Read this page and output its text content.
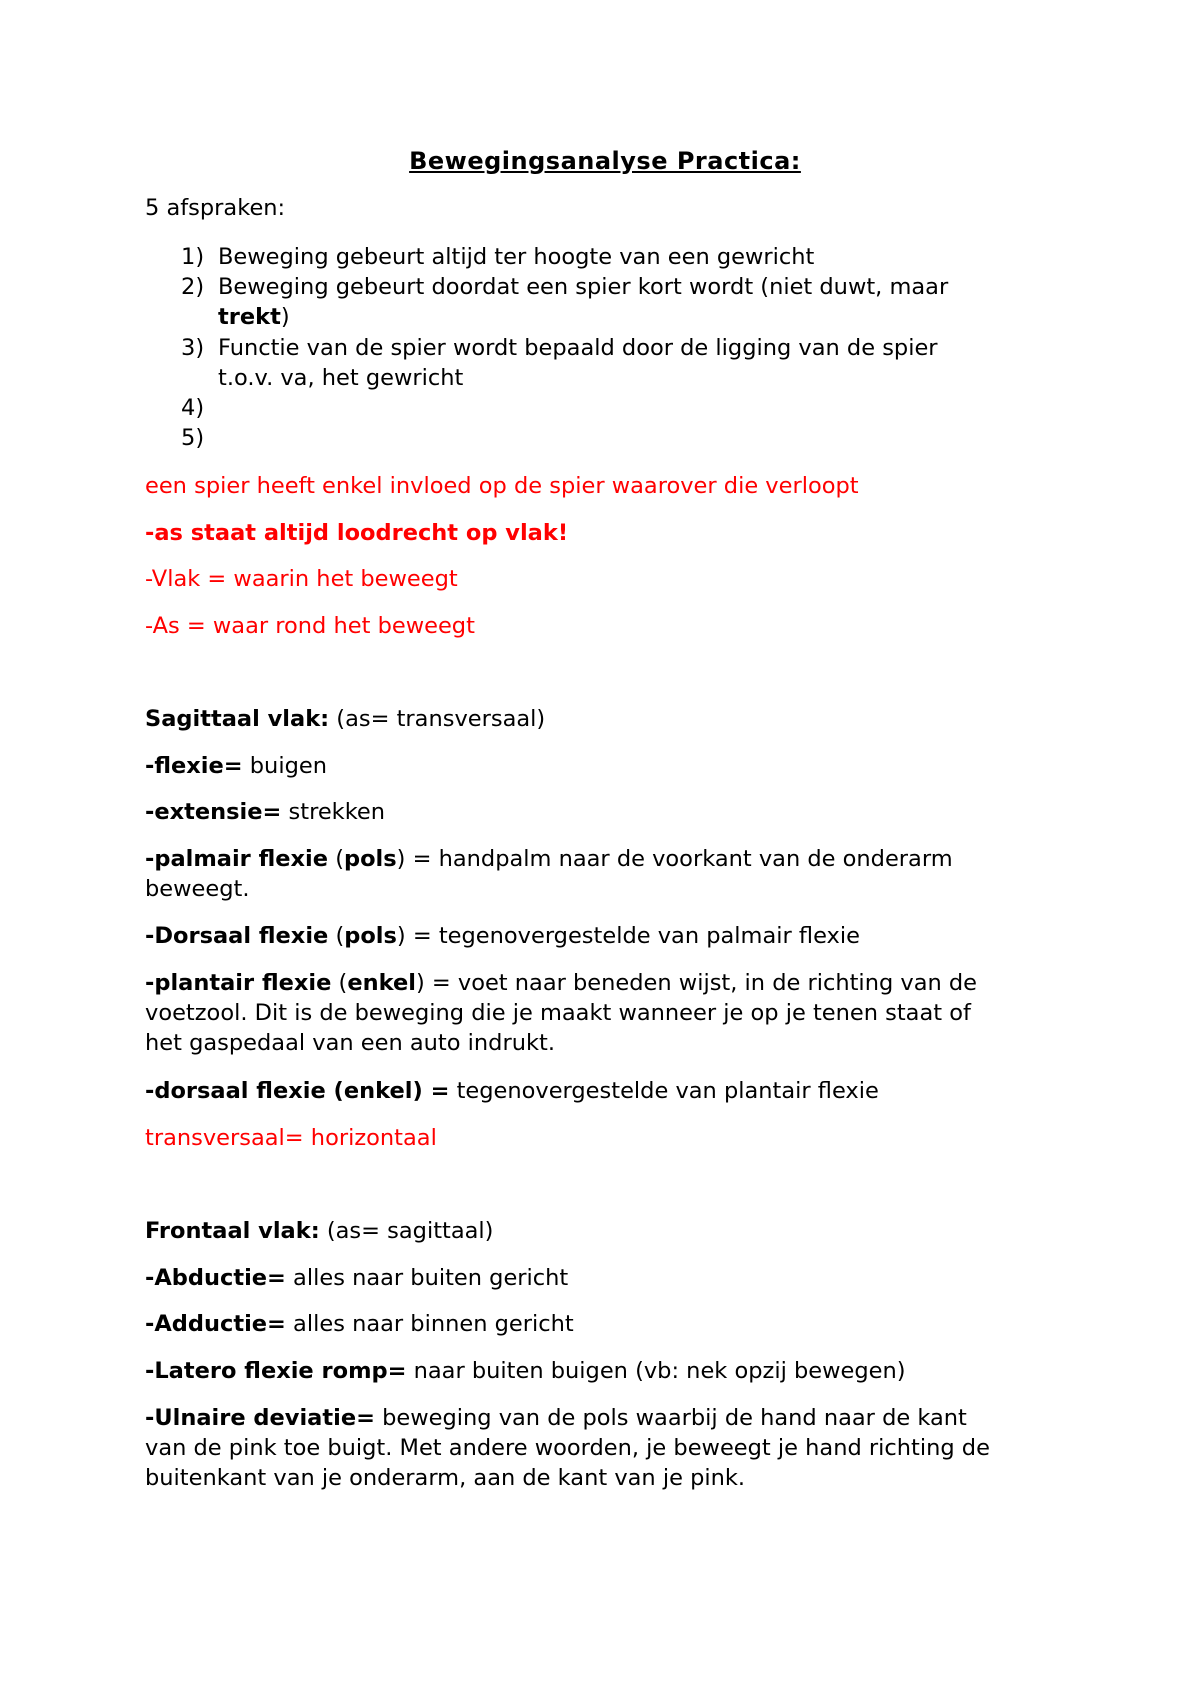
Bewegingsanalyse Practica:
5 afspraken:
1) Beweging gebeurt altijd ter hoogte van een gewricht
2) Beweging gebeurt doordat een spier kort wordt (niet duwt, maar
trekt)
3) Functie van de spier wordt bepaald door de ligging van de spier
t.o.v. va, het gewricht
4)
5)
een spier heeft enkel invloed op de spier waarover die verloopt
-as staat altijd loodrecht op vlak!
-Vlak = waarin het beweegt
-As = waar rond het beweegt
Sagittaal vlak: (as= transversaal)
-flexie= buigen
-extensie= strekken
-palmair flexie (pols) = handpalm naar de voorkant van de onderarm
beweegt.
-Dorsaal flexie (pols) = tegenovergestelde van palmair flexie
-plantair flexie (enkel) = voet naar beneden wijst, in de richting van de
voetzool. Dit is de beweging die je maakt wanneer je op je tenen staat of
het gaspedaal van een auto indrukt.
-dorsaal flexie (enkel) = tegenovergestelde van plantair flexie
transversaal= horizontaal
Frontaal vlak: (as= sagittaal)
-Abductie= alles naar buiten gericht
-Adductie= alles naar binnen gericht
-Latero flexie romp= naar buiten buigen (vb: nek opzij bewegen)
-Ulnaire deviatie= beweging van de pols waarbij de hand naar de kant
van de pink toe buigt. Met andere woorden, je beweegt je hand richting de
buitenkant van je onderarm, aan de kant van je pink.
